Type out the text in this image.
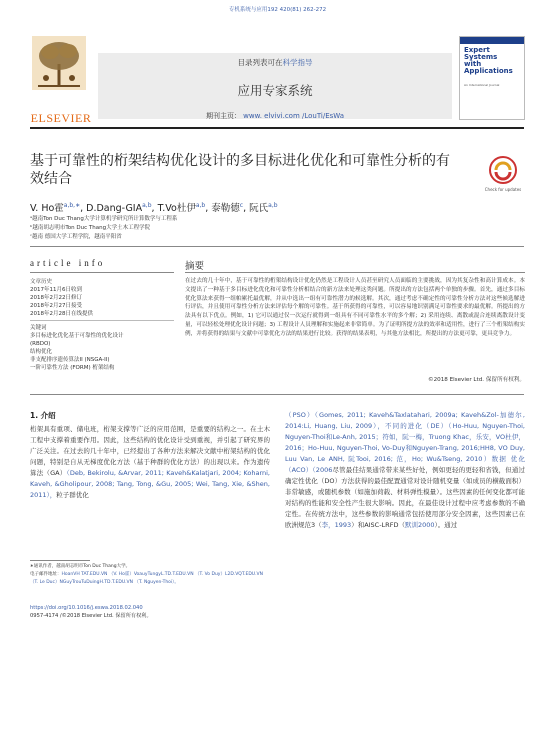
专机系统与应用192 420(81) 262-272
ELSEVIER
目录列表可在科学指导
应用专家系统
期刊主页： www. elvivi.com /LouTi/EsWa
Expert Systems with Applications
An International Journal
基于可靠性的桁架结构优化设计的多目标进化优化和可靠性分析的有效结合
Check for updates
V. Ho霍$^{a,b,∗}$, D.Dang-GIA$^{a,b}$, T.Vo杜伊$^{a,b}$, 泰勒德$^c$, 阮氏$^{a,b}$
ᵃ越南Ton Duc Thang大学计算机学研究所计算数学与工程系
ᵇ越南胡志明市Ton Duc Thang大学土木工程学院
ᶜ越南 德国大学工程学院，越南平阳省
article info	摘要
文章历史
2017年11月6日收到
2018年2月22日修订
2018年2月27日接受
2018年2月28日在线提供
关键词
多目标进化优化基于可靠性的优化设计
(RBDO)
结构优化
非支配排序遗传算法II (NSGA-II)
一阶可靠性方法 (FORM) 桁架结构
在过去的几十年中，基于可靠性的桁架结构设计优化仍然是工程设计人员甚至研究人员面临的主要挑战，因为其复杂性和高计算成本。本文提出了一种基于多目标进化优化和可靠性分析相结合的新方法来处理这类问题。所提出的方法包括两个单独的步骤。首先，通过多目标优化算法来获得一组帕累托最优解，并从中选出一组有可靠性潜力的候选解。其次，通过考虑不确定性的可靠性分析方法对这些候选解进行评估，并且使用可靠性分析方法来评估每个解的可靠性。基于所获得的可靠性，可以容易地识别满足可靠性要求的最优解。所提出的方法具有以下优点。例如，1) 它可以通过仅一次运行就得到一组具有不同可靠性水平的多个解；2) 采用连续、离散或混合连续离散设计变量，可以轻松处理优化设计问题；3) 工程设计人员理解和实施起来非常简单。为了证明所提方法的效率和适用性，进行了三个桁架结构实例，并将获得的结果与文献中可靠优化方法的结果进行比较。获得的结果表明，与其他方法相比，所提出的方法更可靠，更具竞争力。
©2018 Elsevier Ltd. 保留所有权利。
1. 介绍
桁架具有重项、储电班，桁架支撑等广泛的应用范围，是重要的结构之一。在土木工程中支撑着重要作用。因此，这些结构的优化设计受到重视，并引起了研究界的广泛关注。在过去的几十年中，已经提出了各种方法来解决文献中桁架结构的优化问题，特别是自从无梯度优化方法（基于种群的优化方法）的出现以来。作为遗传算法（GA）（Deb, Bekirolu, &Arvar, 2011; Kaveh&Kalatjari, 2004; Koharni, Kaveh, &Gholipour, 2008; Tang, Tong, &Gu, 2005; Wei, Tang, Xie, &Shen, 2011），粒子群优化
（PSO）（Gomes, 2011; Kaveh&Taxlatahari, 2009a; Kaveh&Zol-加德尔, 2014:Li, Huang, Liu, 2009），不同的进化（DE）（Ho-Huu, Nguyen-Thoi, Nguyen-Thoi和Le-Anh, 2015；符如，阮一梅，Truong Khac，乐安，VO杜伊，2016；Ho-Huu, Nguyen-Thoi, Vo-Duy和Nguyen-Trang, 2016;HH8, VO Duy, Luu Van, Le ANH, 阮Tooi, 2016; 范，Ho; Wu&Tseng, 2010）数据 优化（ACO）（2006尽管最佳结果通常带来某些好处，例如更轻的更轻和省钱，但通过确定性优化（DO）方法获得的最佳配置通常对设计随机变量（如成员的横截面积）非常敏感，或随机参数（如施加荷载、材料弹性模量）。这些因素的任何变化都可能对结构的性能和安全性产生很大影响。因此，在最佳设计过程中应考虑参数的不确定性。在传统方法中，这些参数的影响通常包括使用部分安全因素，这些因素已在欧洲规范3（李，1993）和AISC-LRFD（默训2000）。通过
∗通讯作者，越南胡志明市Ton Duc Thang大学。
电子邮件地址：HoanVH TAT.EDU.VN （V. Ho霍）VoauyTungyL.TD.T.EDU.VN （T. Vo Duy）L2D.VQT.EDU.VN （T. Le Duc）NGuyTrouTuDuingH.TD.T.EDU.VN （T. Nguyen-Thoi）。
https://doi.org/10.1016/j.eswa.2018.02.040
0957-4174 /©2018 Elsevier Ltd. 保留所有权利。
